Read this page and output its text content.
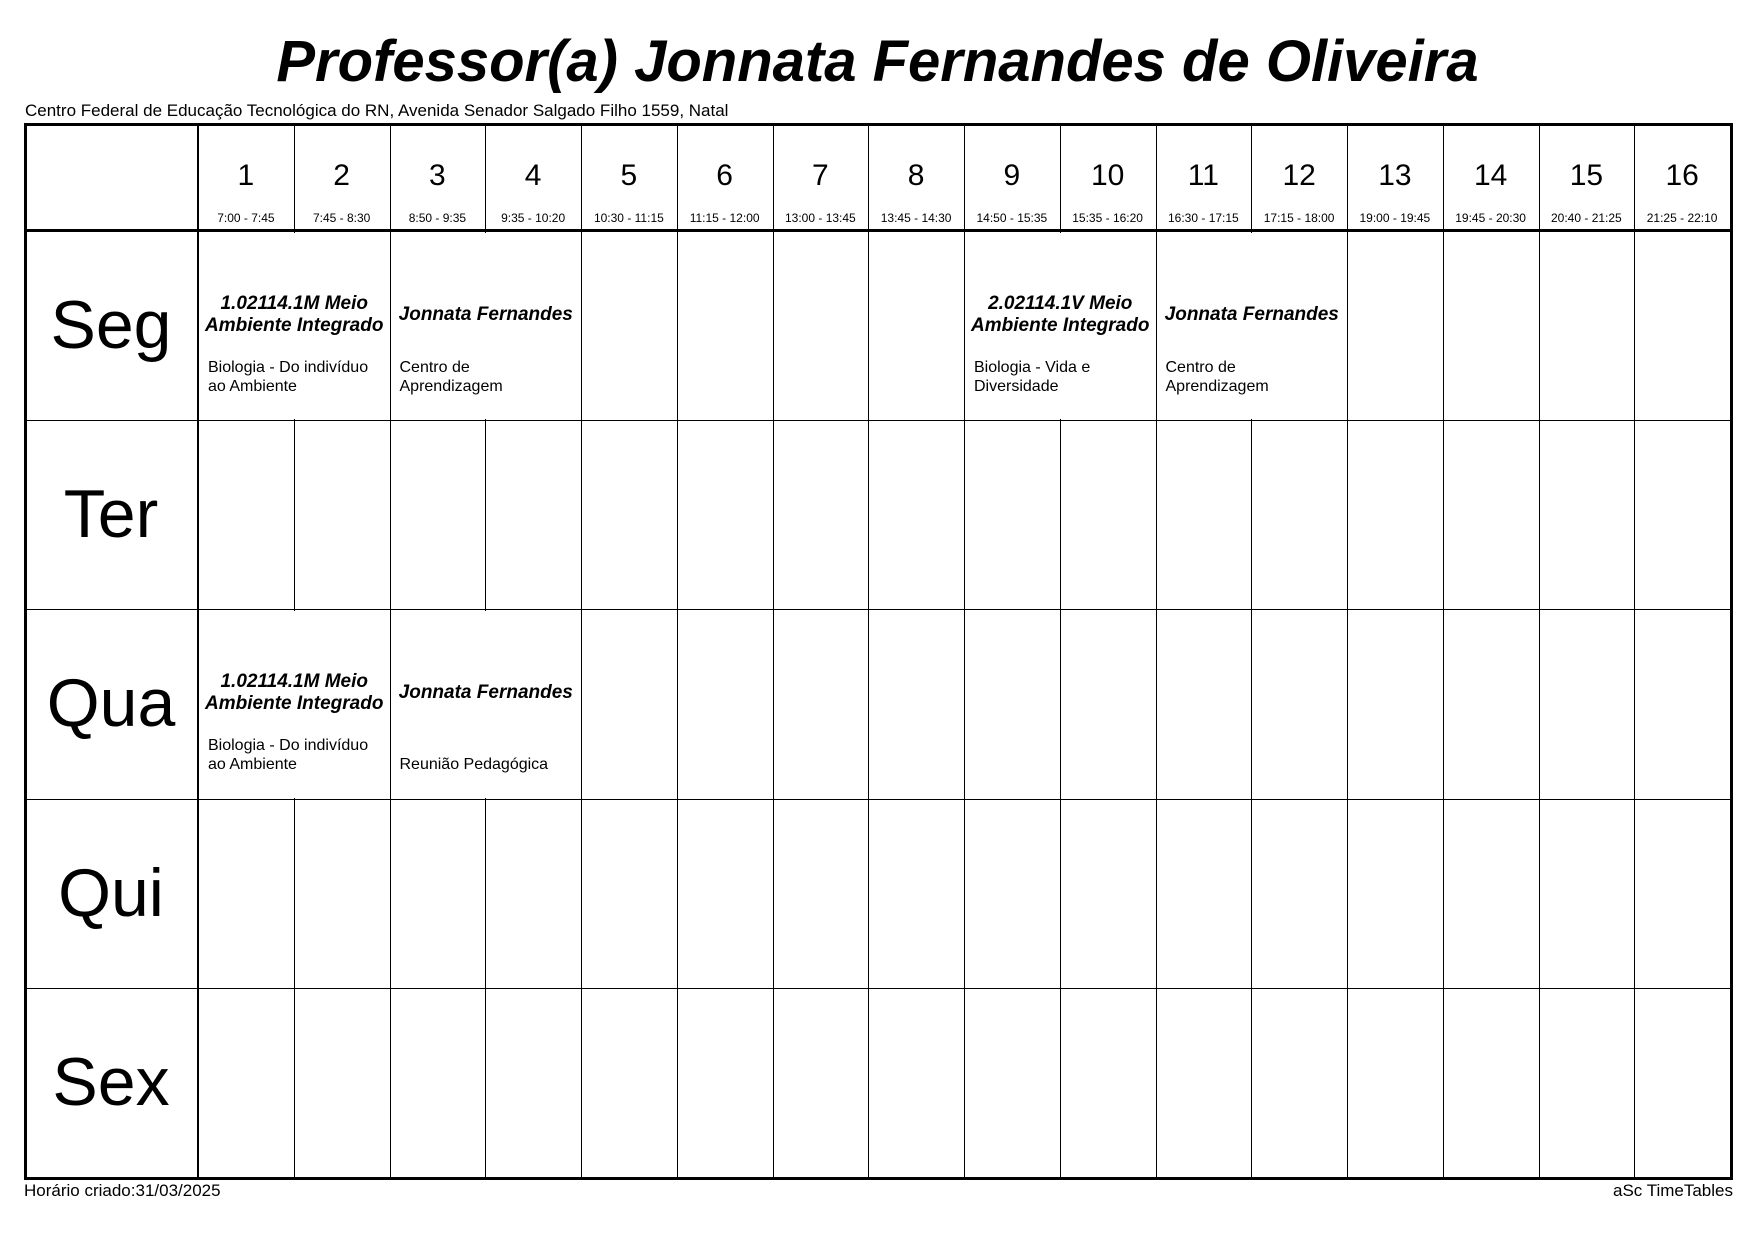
Professor(a) Jonnata Fernandes de Oliveira
Centro Federal de Educação Tecnológica do RN, Avenida Senador Salgado Filho 1559, Natal
1
7:00 - 7:45
2
7:45 - 8:30
3
8:50 - 9:35
4
9:35 - 10:20
5
10:30 - 11:15
6
11:15 - 12:00
7
13:00 - 13:45
8
13:45 - 14:30
9
14:50 - 15:35
10
15:35 - 16:20
11
16:30 - 17:15
12
17:15 - 18:00
13
19:00 - 19:45
14
19:45 - 20:30
15
20:40 - 21:25
16
21:25 - 22:10
Seg
Ter
Qua
Qui
Sex
1.02114.1M Meio Ambiente Integrado
Biologia - Do indivíduo ao Ambiente
Jonnata Fernandes
Centro de Aprendizagem
2.02114.1V Meio Ambiente Integrado
Biologia - Vida e Diversidade
Jonnata Fernandes
Centro de Aprendizagem
1.02114.1M Meio Ambiente Integrado
Biologia - Do indivíduo ao Ambiente
Jonnata Fernandes
Reunião Pedagógica
Horário criado:31/03/2025	aSc TimeTables
